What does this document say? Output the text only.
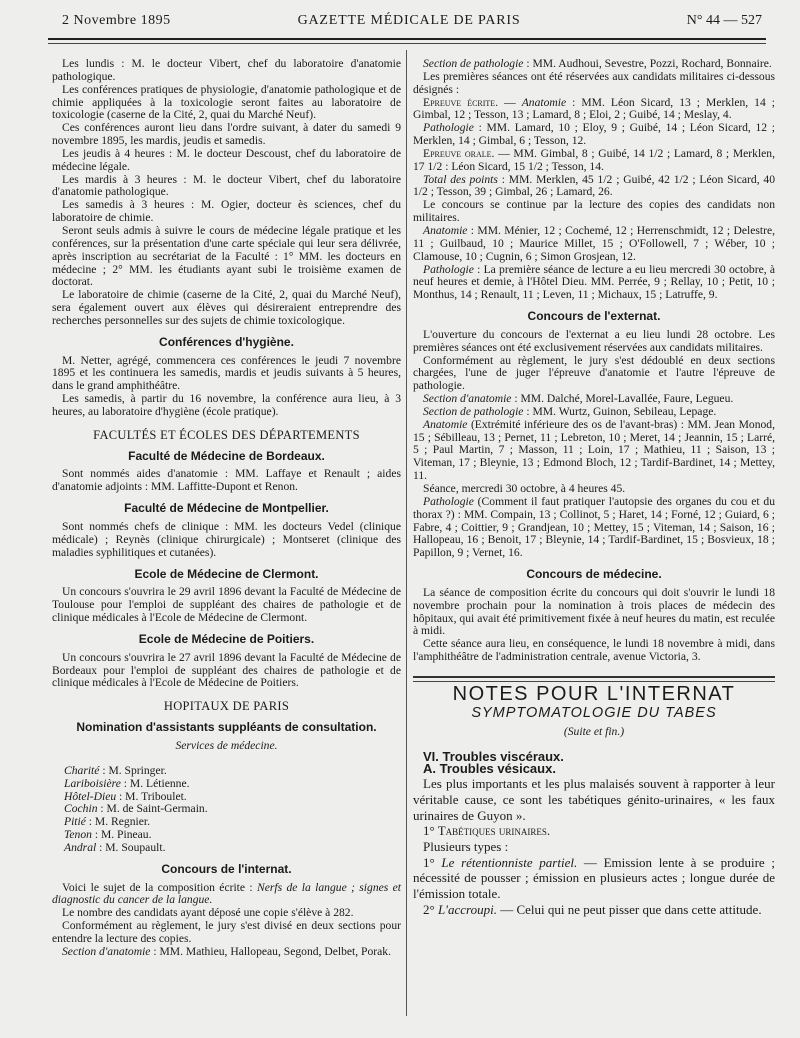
2 Novembre 1895	GAZETTE MÉDICALE DE PARIS	N° 44 — 527

Les lundis : M. le docteur Vibert, chef du laboratoire d'anatomie pathologique.

Les conférences pratiques de physiologie, d'anatomie pathologique et de chimie appliquées à la toxicologie seront faites au laboratoire de toxicologie (caserne de la Cité, 2, quai du Marché Neuf).

Ces conférences auront lieu dans l'ordre suivant, à dater du samedi 9 novembre 1895, les mardis, jeudis et samedis.

Les jeudis à 4 heures : M. le docteur Descoust, chef du laboratoire de médecine légale.

Les mardis à 3 heures : M. le docteur Vibert, chef du laboratoire d'anatomie pathologique.

Les samedis à 3 heures : M. Ogier, docteur ès sciences, chef du laboratoire de chimie.

Seront seuls admis à suivre le cours de médecine légale pratique et les conférences, sur la présentation d'une carte spéciale qui leur sera délivrée, après inscription au secrétariat de la Faculté : 1° MM. les docteurs en médecine ; 2° MM. les étudiants ayant subi le troisième examen de doctorat.

Le laboratoire de chimie (caserne de la Cité, 2, quai du Marché Neuf), sera également ouvert aux élèves qui désireraient entreprendre des recherches personnelles sur des sujets de chimie toxicologique.

Conférences d'hygiène.

M. Netter, agrégé, commencera ces conférences le jeudi 7 novembre 1895 et les continuera les samedis, mardis et jeudis suivants à 5 heures, dans le grand amphithéâtre.

Les samedis, à partir du 16 novembre, la conférence aura lieu, à 3 heures, au laboratoire d'hygiène (école pratique).

FACULTÉS ET ÉCOLES DES DÉPARTEMENTS
Faculté de Médecine de Bordeaux.

Sont nommés aides d'anatomie : MM. Laffaye et Renault ; aides d'anatomie adjoints : MM. Laffitte-Dupont et Renon.

Faculté de Médecine de Montpellier.

Sont nommés chefs de clinique : MM. les docteurs Vedel (clinique médicale) ; Reynès (clinique chirurgicale) ; Montseret (clinique des maladies syphilitiques et cutanées).

Ecole de Médecine de Clermont.

Un concours s'ouvrira le 29 avril 1896 devant la Faculté de Médecine de Toulouse pour l'emploi de suppléant des chaires de pathologie et de clinique médicales à l'Ecole de Médecine de Clermont.

Ecole de Médecine de Poitiers.

Un concours s'ouvrira le 27 avril 1896 devant la Faculté de Médecine de Bordeaux pour l'emploi de suppléant des chaires de pathologie et de clinique médicales à l'Ecole de Médecine de Poitiers.

HOPITAUX DE PARIS
Nomination d'assistants suppléants de consultation.
Services de médecine.

Charité : M. Springer.

Lariboisière : M. Létienne.

Hôtel-Dieu : M. Triboulet.

Cochin : M. de Saint-Germain.

Pitié : M. Regnier.

Tenon : M. Pineau.

Andral : M. Soupault.

Concours de l'internat.

Voici le sujet de la composition écrite : Nerfs de la langue ; signes et diagnostic du cancer de la langue.

Le nombre des candidats ayant déposé une copie s'élève à 282.

Conformément au règlement, le jury s'est divisé en deux sections pour entendre la lecture des copies.

Section d'anatomie : MM. Mathieu, Hallopeau, Segond, Delbet, Porak.

Section de pathologie : MM. Audhoui, Sevestre, Pozzi, Rochard, Bonnaire.

Les premières séances ont été réservées aux candidats militaires ci-dessous désignés :

Epreuve écrite. — Anatomie : MM. Léon Sicard, 13 ; Merklen, 14 ; Gimbal, 12 ; Tesson, 13 ; Lamard, 8 ; Eloi, 2 ; Guibé, 14 ; Meslay, 4.

Pathologie : MM. Lamard, 10 ; Eloy, 9 ; Guibé, 14 ; Léon Sicard, 12 ; Merklen, 14 ; Gimbal, 6 ; Tesson, 12.

Epreuve orale. — MM. Gimbal, 8 ; Guibé, 14 1/2 ; Lamard, 8 ; Merklen, 17 1/2 : Léon Sicard, 15 1/2 ; Tesson, 14.

Total des points : MM. Merklen, 45 1/2 ; Guibé, 42 1/2 ; Léon Sicard, 40 1/2 ; Tesson, 39 ; Gimbal, 26 ; Lamard, 26.

Le concours se continue par la lecture des copies des candidats non militaires.

Anatomie : MM. Ménier, 12 ; Cochemé, 12 ; Herrenschmidt, 12 ; Delestre, 11 ; Guilbaud, 10 ; Maurice Millet, 15 ; O'Followell, 7 ; Wéber, 10 ; Clamouse, 10 ; Cugnin, 6 ; Simon Grosjean, 12.

Pathologie : La première séance de lecture a eu lieu mercredi 30 octobre, à neuf heures et demie, à l'Hôtel Dieu. MM. Perrée, 9 ; Rellay, 10 ; Petit, 10 ; Monthus, 14 ; Renault, 11 ; Leven, 11 ; Michaux, 15 ; Latruffe, 9.

Concours de l'externat.

L'ouverture du concours de l'externat a eu lieu lundi 28 octobre. Les premières séances ont été exclusivement réservées aux candidats militaires.

Conformément au règlement, le jury s'est dédoublé en deux sections chargées, l'une de juger l'épreuve d'anatomie et l'autre l'épreuve de pathologie.

Section d'anatomie : MM. Dalché, Morel-Lavallée, Faure, Legueu.

Section de pathologie : MM. Wurtz, Guinon, Sebileau, Lepage.

Anatomie (Extrémité inférieure des os de l'avant-bras) : MM. Jean Monod, 15 ; Sébilleau, 13 ; Pernet, 11 ; Lebreton, 10 ; Meret, 14 ; Jeannin, 15 ; Larré, 5 ; Paul Martin, 7 ; Masson, 11 ; Loin, 17 ; Mathieu, 11 ; Saison, 13 ; Viteman, 17 ; Bleynie, 13 ; Edmond Bloch, 12 ; Tardif-Bardinet, 14 ; Mettey, 11.

Séance, mercredi 30 octobre, à 4 heures 45.

Pathologie (Comment il faut pratiquer l'autopsie des organes du cou et du thorax ?) : MM. Compain, 13 ; Collinot, 5 ; Haret, 14 ; Forné, 12 ; Guiard, 6 ; Fabre, 4 ; Coittier, 9 ; Grandjean, 10 ; Mettey, 15 ; Viteman, 14 ; Saison, 16 ; Hallopeau, 16 ; Benoit, 17 ; Bleynie, 14 ; Tardif-Bardinet, 15 ; Bosvieux, 18 ; Papillon, 9 ; Vernet, 16.

Concours de médecine.

La séance de composition écrite du concours qui doit s'ouvrir le lundi 18 novembre prochain pour la nomination à trois places de médecin des hôpitaux, qui avait été primitivement fixée à neuf heures du matin, est reculée à midi.

Cette séance aura lieu, en conséquence, le lundi 18 novembre à midi, dans l'amphithéâtre de l'administration centrale, avenue Victoria, 3.

NOTES POUR L'INTERNAT
SYMPTOMATOLOGIE DU TABES
(Suite et fin.)
VI. Troubles viscéraux.
A. Troubles vésicaux.

Les plus importants et les plus malaisés souvent à rapporter à leur véritable cause, ce sont les tabétiques génito-urinaires, « les faux urinaires de Guyon ».

1° Tabétiques urinaires.

Plusieurs types :

1° Le rétentionniste partiel. — Emission lente à se produire ; nécessité de pousser ; émission en plusieurs actes ; longue durée de l'émission totale.

2° L'accroupi. — Celui qui ne peut pisser que dans cette attitude.
